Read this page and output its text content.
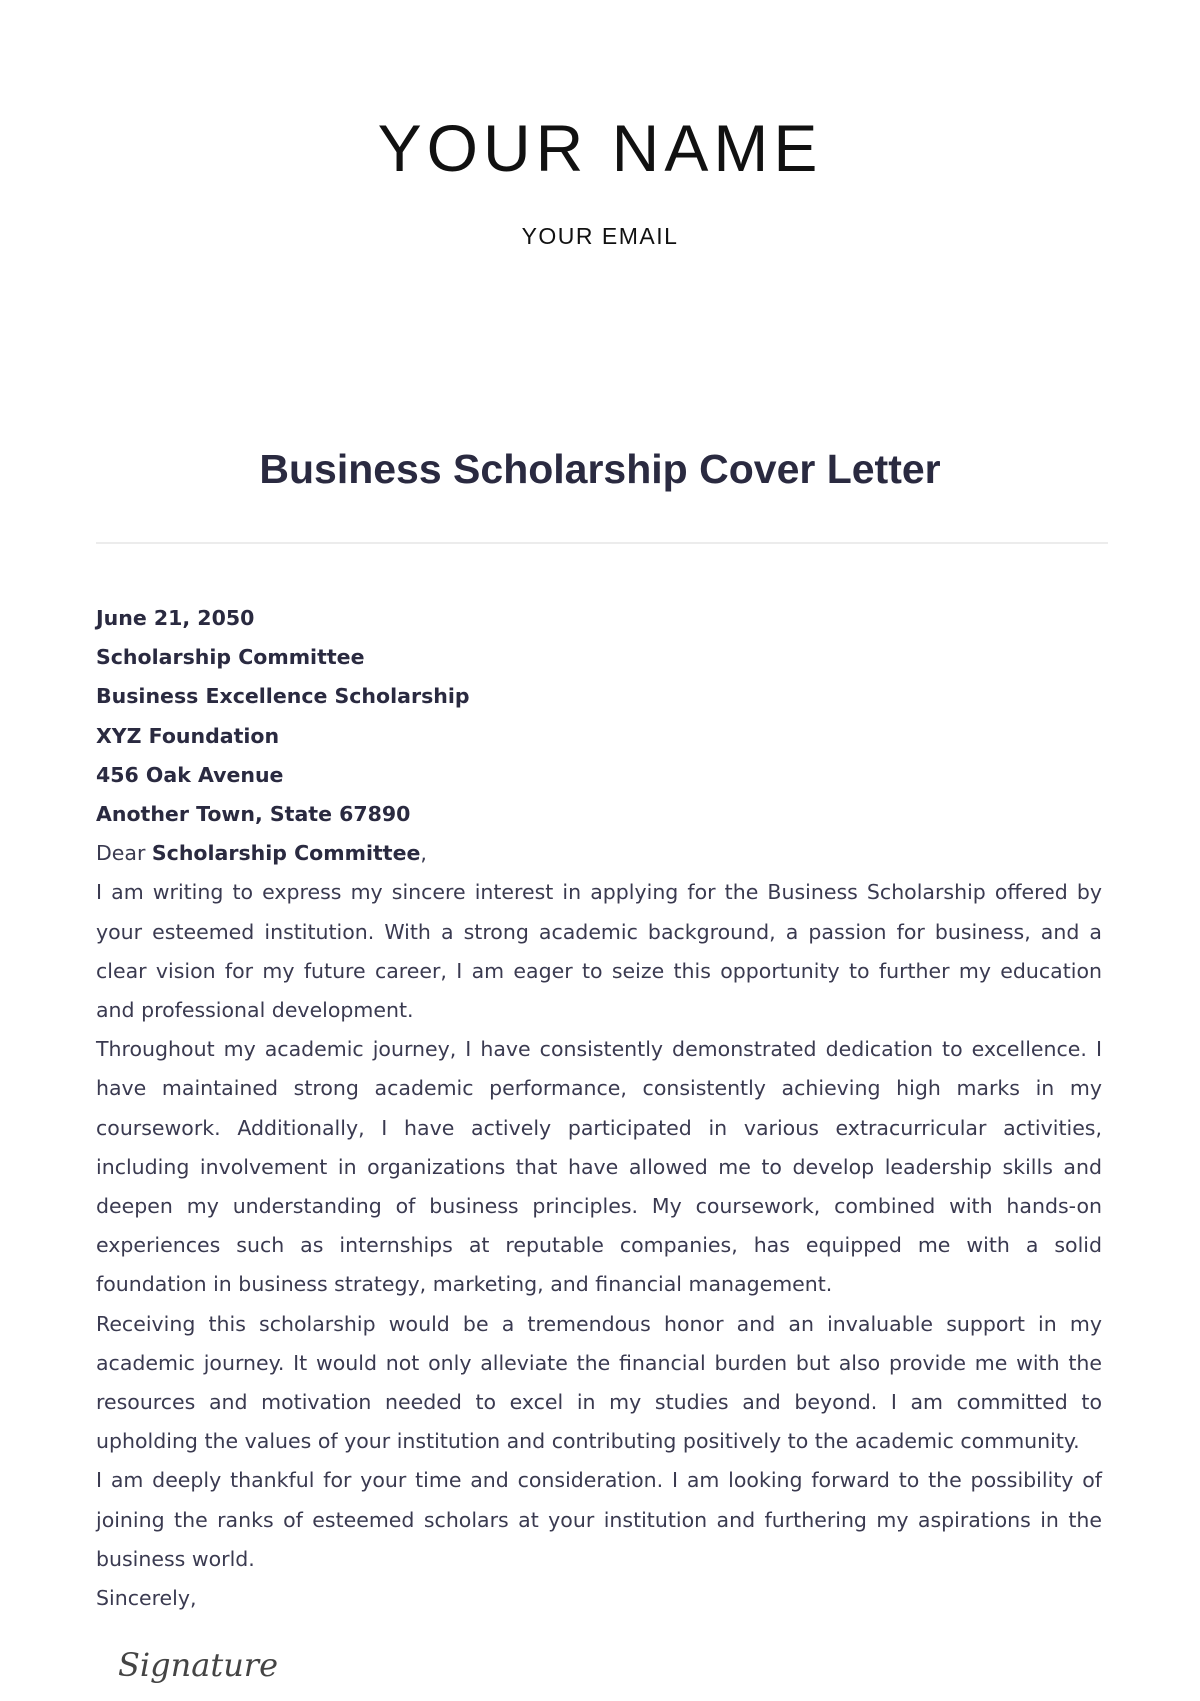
YOUR NAME
YOUR EMAIL
Business Scholarship Cover Letter
June 21, 2050
Scholarship Committee
Business Excellence Scholarship
XYZ Foundation
456 Oak Avenue
Another Town, State 67890
Dear Scholarship Committee,

I am writing to express my sincere interest in applying for the Business Scholarship offered by your esteemed institution. With a strong academic background, a passion for business, and a clear vision for my future career, I am eager to seize this opportunity to further my education and professional development.

Throughout my academic journey, I have consistently demonstrated dedication to excellence. I have maintained strong academic performance, consistently achieving high marks in my coursework. Additionally, I have actively participated in various extracurricular activities, including involvement in organizations that have allowed me to develop leadership skills and deepen my understanding of business principles. My coursework, combined with hands-on experiences such as internships at reputable companies, has equipped me with a solid foundation in business strategy, marketing, and financial management.

Receiving this scholarship would be a tremendous honor and an invaluable support in my academic journey. It would not only alleviate the financial burden but also provide me with the resources and motivation needed to excel in my studies and beyond. I am committed to upholding the values of your institution and contributing positively to the academic community.

I am deeply thankful for your time and consideration. I am looking forward to the possibility of joining the ranks of esteemed scholars at your institution and furthering my aspirations in the business world.

Sincerely,
Signature
